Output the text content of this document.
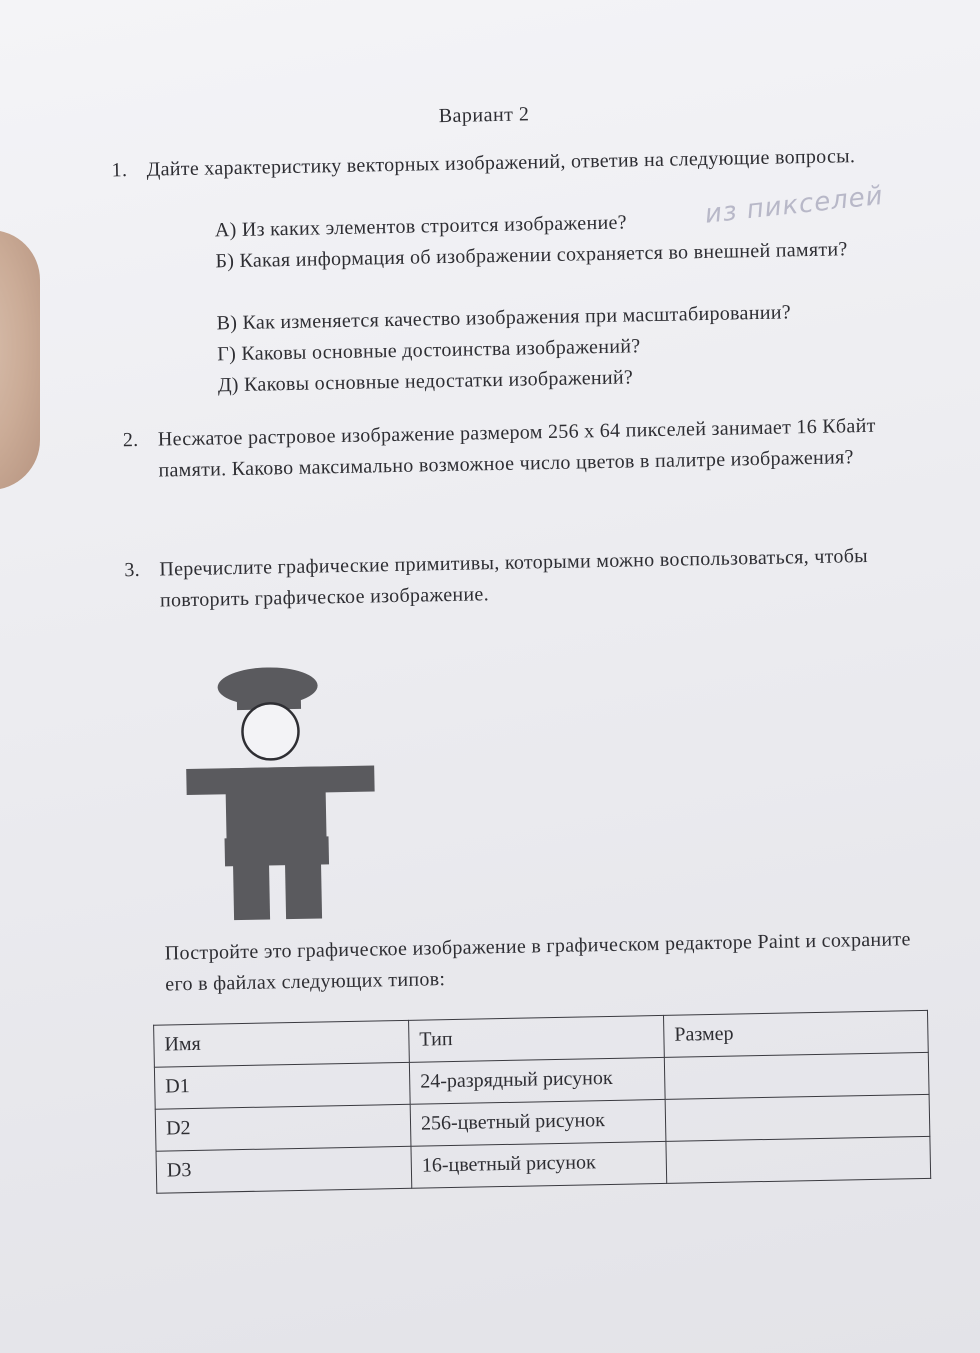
Вариант 2
1. Дайте характеристику векторных изображений, ответив на следующие вопросы.
А) Из каких элементов строится изображение?
Б) Какая информация об изображении сохраняется во внешней памяти?
В) Как изменяется качество изображения при масштабировании?
Г) Каковы основные достоинства изображений?
Д) Каковы основные недостатки изображений?
из пикселей
2. Несжатое растровое изображение размером 256 x 64 пикселей занимает 16 Кбайт памяти. Каково максимально возможное число цветов в палитре изображения?
3. Перечислите графические примитивы, которыми можно воспользоваться, чтобы повторить графическое изображение.
Постройте это графическое изображение в графическом редакторе Paint и сохраните его в файлах следующих типов:
Имя	Тип	Размер
D1	24-разрядный рисунок	
D2	256-цветный рисунок	
D3	16-цветный рисунок	
